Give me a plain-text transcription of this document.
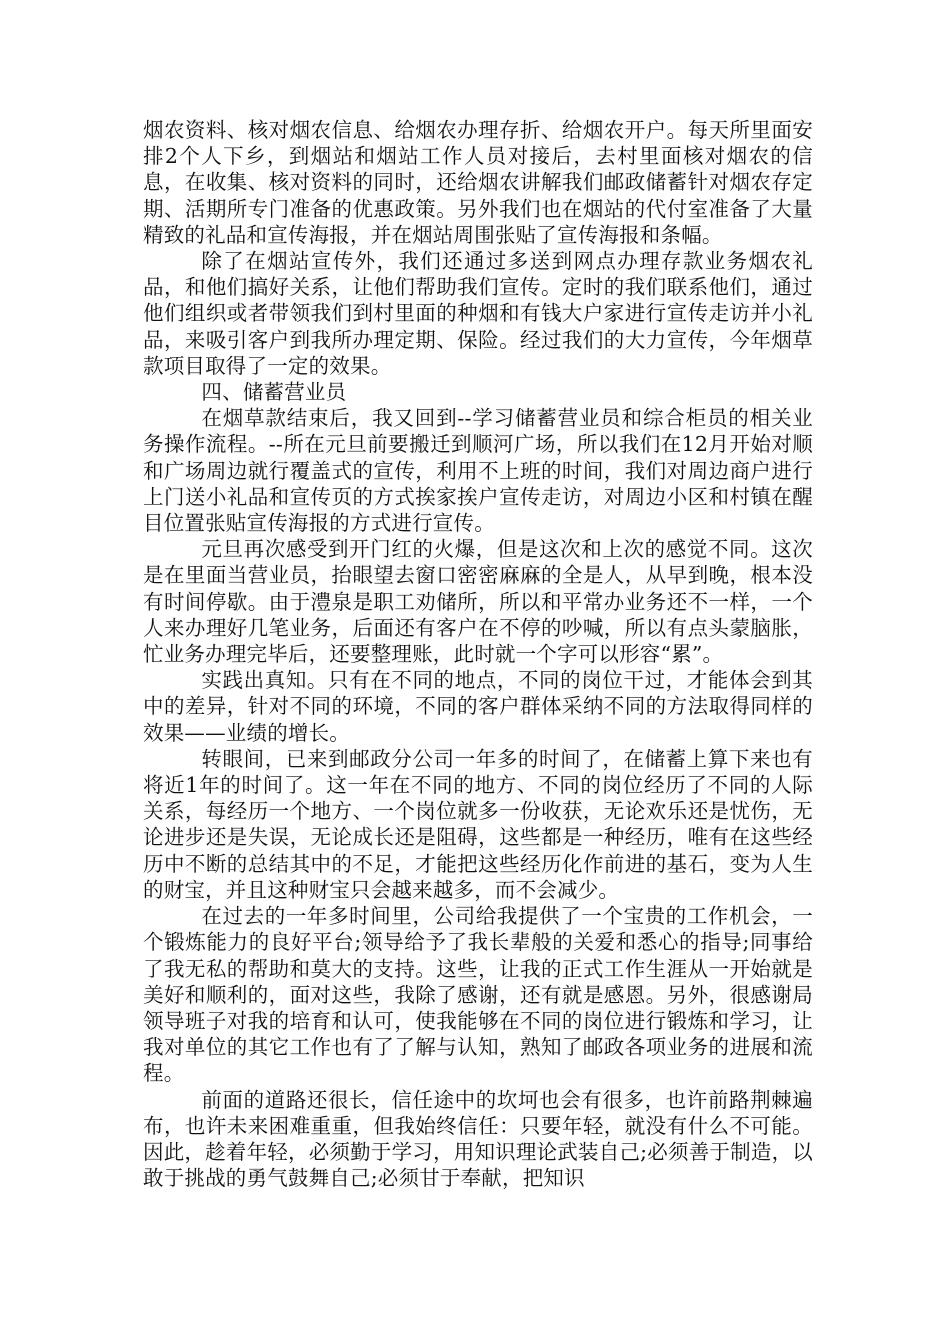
烟农资料、核对烟农信息、给烟农办理存折、给烟农开户。每天所里面安排2个人下乡，到烟站和烟站工作人员对接后，去村里面核对烟农的信息，在收集、核对资料的同时，还给烟农讲解我们邮政储蓄针对烟农存定期、活期所专门准备的优惠政策。另外我们也在烟站的代付室准备了大量精致的礼品和宣传海报，并在烟站周围张贴了宣传海报和条幅。

除了在烟站宣传外，我们还通过多送到网点办理存款业务烟农礼品，和他们搞好关系，让他们帮助我们宣传。定时的我们联系他们，通过他们组织或者带领我们到村里面的种烟和有钱大户家进行宣传走访并小礼品，来吸引客户到我所办理定期、保险。经过我们的大力宣传，今年烟草款项目取得了一定的效果。

四、储蓄营业员

在烟草款结束后，我又回到--学习储蓄营业员和综合柜员的相关业务操作流程。--所在元旦前要搬迁到顺河广场，所以我们在12月开始对顺和广场周边就行覆盖式的宣传，利用不上班的时间，我们对周边商户进行上门送小礼品和宣传页的方式挨家挨户宣传走访，对周边小区和村镇在醒目位置张贴宣传海报的方式进行宣传。

元旦再次感受到开门红的火爆，但是这次和上次的感觉不同。这次是在里面当营业员，抬眼望去窗口密密麻麻的全是人，从早到晚，根本没有时间停歇。由于澧泉是职工劝储所，所以和平常办业务还不一样，一个人来办理好几笔业务，后面还有客户在不停的吵喊，所以有点头蒙脑胀，忙业务办理完毕后，还要整理账，此时就一个字可以形容“累”。

实践出真知。只有在不同的地点，不同的岗位干过，才能体会到其中的差异，针对不同的环境，不同的客户群体采纳不同的方法取得同样的效果——业绩的增长。

转眼间，已来到邮政分公司一年多的时间了，在储蓄上算下来也有将近1年的时间了。这一年在不同的地方、不同的岗位经历了不同的人际关系，每经历一个地方、一个岗位就多一份收获，无论欢乐还是忧伤，无论进步还是失误，无论成长还是阻碍，这些都是一种经历，唯有在这些经历中不断的总结其中的不足，才能把这些经历化作前进的基石，变为人生的财宝，并且这种财宝只会越来越多，而不会减少。

在过去的一年多时间里，公司给我提供了一个宝贵的工作机会，一个锻炼能力的良好平台;领导给予了我长辈般的关爱和悉心的指导;同事给了我无私的帮助和莫大的支持。这些，让我的正式工作生涯从一开始就是美好和顺利的，面对这些，我除了感谢，还有就是感恩。另外，很感谢局领导班子对我的培育和认可，使我能够在不同的岗位进行锻炼和学习，让我对单位的其它工作也有了了解与认知，熟知了邮政各项业务的进展和流程。

前面的道路还很长，信任途中的坎坷也会有很多，也许前路荆棘遍布，也许未来困难重重，但我始终信任：只要年轻，就没有什么不可能。因此，趁着年轻，必须勤于学习，用知识理论武装自己;必须善于制造，以敢于挑战的勇气鼓舞自己;必须甘于奉献，把知识
